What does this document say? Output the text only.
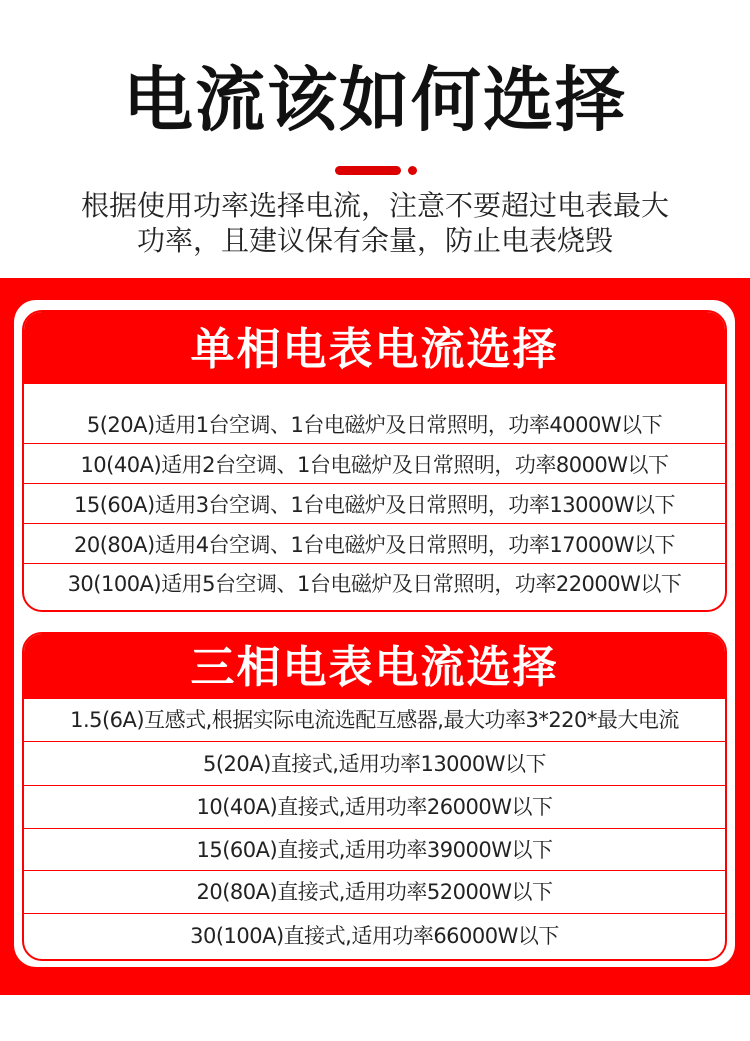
电流该如何选择
根据使用功率选择电流，注意不要超过电表最大
功率，且建议保有余量，防止电表烧毁
单相电表电流选择
5(20A)适用1台空调、1台电磁炉及日常照明，功率4000W以下
10(40A)适用2台空调、1台电磁炉及日常照明，功率8000W以下
15(60A)适用3台空调、1台电磁炉及日常照明，功率13000W以下
20(80A)适用4台空调、1台电磁炉及日常照明，功率17000W以下
30(100A)适用5台空调、1台电磁炉及日常照明，功率22000W以下
三相电表电流选择
1.5(6A)互感式,根据实际电流选配互感器,最大功率3*220*最大电流
5(20A)直接式,适用功率13000W以下
10(40A)直接式,适用功率26000W以下
15(60A)直接式,适用功率39000W以下
20(80A)直接式,适用功率52000W以下
30(100A)直接式,适用功率66000W以下
